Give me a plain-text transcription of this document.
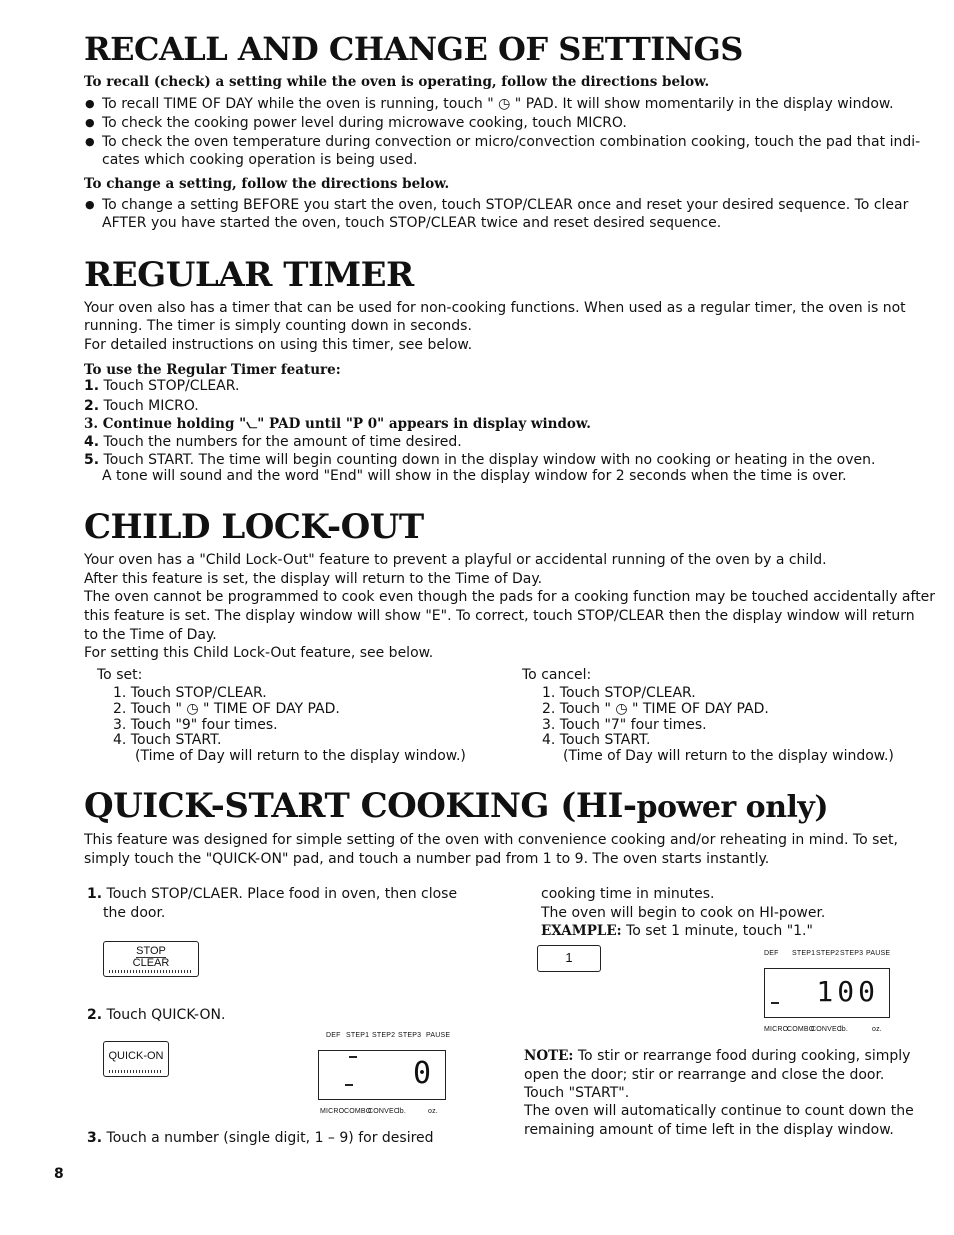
RECALL AND CHANGE OF SETTINGS
To recall (check) a setting while the oven is operating, follow the directions below.
● To recall TIME OF DAY while the oven is running, touch " ◷ " PAD. It will show momentarily in the display window.
● To check the cooking power level during microwave cooking, touch MICRO.
● To check the oven temperature during convection or micro/convection combination cooking, touch the pad that indi-
cates which cooking operation is being used.
To change a setting, follow the directions below.
● To change a setting BEFORE you start the oven, touch STOP/CLEAR once and reset your desired sequence. To clear
AFTER you have started the oven, touch STOP/CLEAR twice and reset desired sequence.
REGULAR TIMER
Your oven also has a timer that can be used for non-cooking functions. When used as a regular timer, the oven is not
running. The timer is simply counting down in seconds.
For detailed instructions on using this timer, see below.
To use the Regular Timer feature:
1. Touch STOP/CLEAR.
2. Touch MICRO.
3. Continue holding "⦦" PAD until "P 0" appears in display window.
4. Touch the numbers for the amount of time desired.
5. Touch START. The time will begin counting down in the display window with no cooking or heating in the oven.
A tone will sound and the word "End" will show in the display window for 2 seconds when the time is over.
CHILD LOCK-OUT
Your oven has a "Child Lock-Out" feature to prevent a playful or accidental running of the oven by a child.
After this feature is set, the display will return to the Time of Day.
The oven cannot be programmed to cook even though the pads for a cooking function may be touched accidentally after
this feature is set. The display window will show "E". To correct, touch STOP/CLEAR then the display window will return
to the Time of Day.
For setting this Child Lock-Out feature, see below.
To set:
1. Touch STOP/CLEAR.
2. Touch " ◷ " TIME OF DAY PAD.
3. Touch "9" four times.
4. Touch START.
(Time of Day will return to the display window.)
To cancel:
1. Touch STOP/CLEAR.
2. Touch " ◷ " TIME OF DAY PAD.
3. Touch "7" four times.
4. Touch START.
(Time of Day will return to the display window.)
QUICK-START COOKING (HI-power only)
This feature was designed for simple setting of the oven with convenience cooking and/or reheating in mind. To set,
simply touch the "QUICK-ON" pad, and touch a number pad from 1 to 9. The oven starts instantly.
1. Touch STOP/CLAER. Place food in oven, then close
the door.
STOP
CLEAR
2. Touch QUICK-ON.
QUICK-ON
DEF STEP1 STEP2 STEP3 PAUSE
0
MICRO COMBO
CONVEC
lb.	oz.
3. Touch a number (single digit, 1 – 9) for desired
cooking time in minutes.
The oven will begin to cook on HI-power.
EXAMPLE: To set 1 minute, touch "1."
1	DEF STEP1 STEP2 STEP3 PAUSE
100
MICRO
COMBO
CONVEC
lb.	oz.
NOTE: To stir or rearrange food during cooking, simply
open the door; stir or rearrange and close the door.
Touch "START".
The oven will automatically continue to count down the
remaining amount of time left in the display window.
8
